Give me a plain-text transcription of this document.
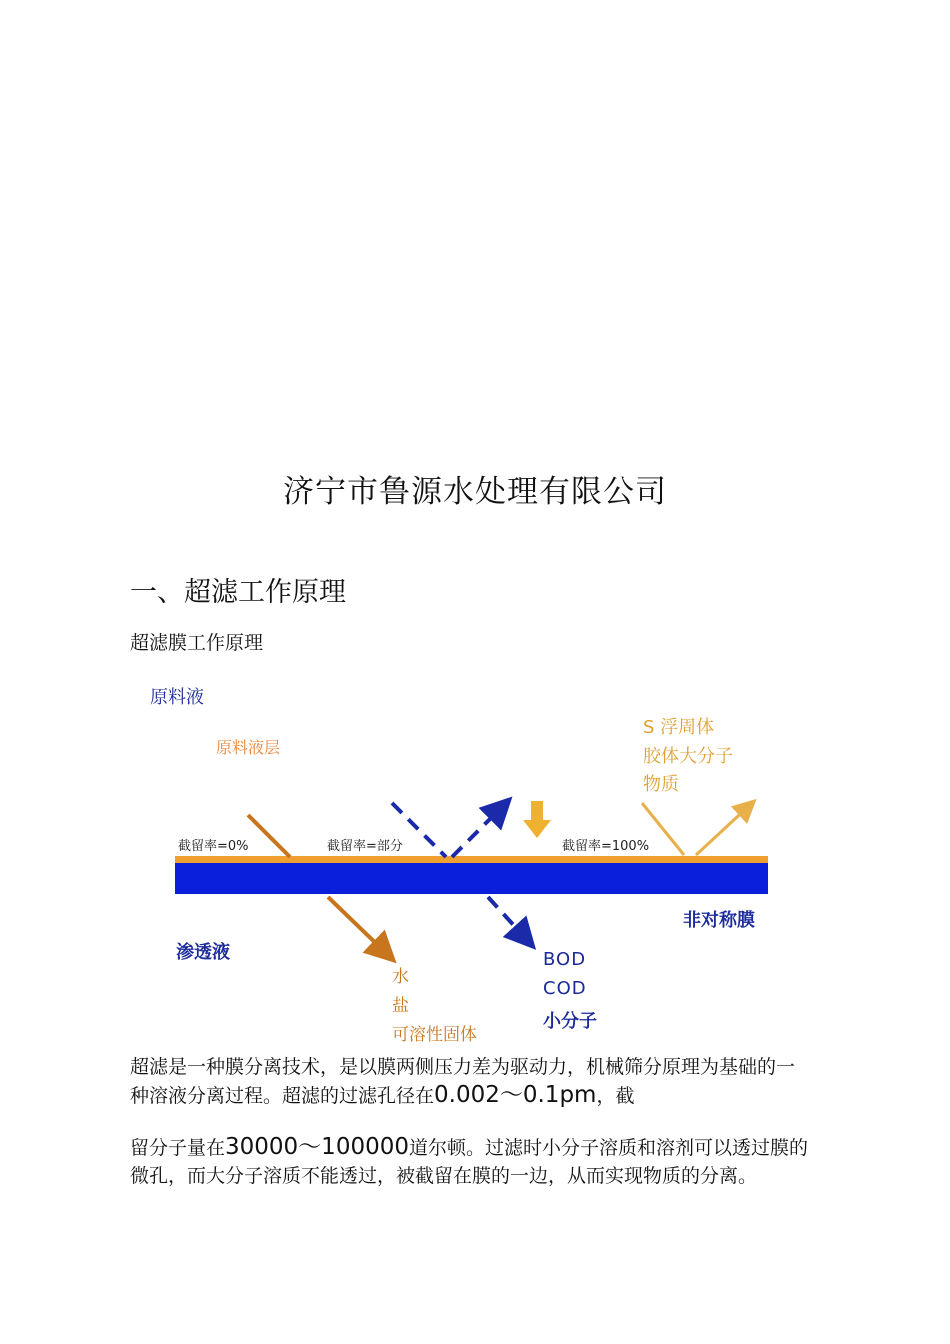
济宁市鲁源水处理有限公司
一、超滤工作原理
超滤膜工作原理
原料液
原料液层
S 浮周体
胶体大分子
物质
截留率=0%	截留率=部分	截留率=100%
非对称膜
渗透液
水
盐
可溶性固体
BOD
COD
小分子
超滤是一种膜分离技术，是以膜两侧压力差为驱动力，机械筛分原理为基础的一
种溶液分离过程。超滤的过滤孔径在0.002〜0.1pm，截
留分子量在30000〜100000道尔顿。过滤时小分子溶质和溶剂可以透过膜的
微孔，而大分子溶质不能透过，被截留在膜的一边，从而实现物质的分离。
